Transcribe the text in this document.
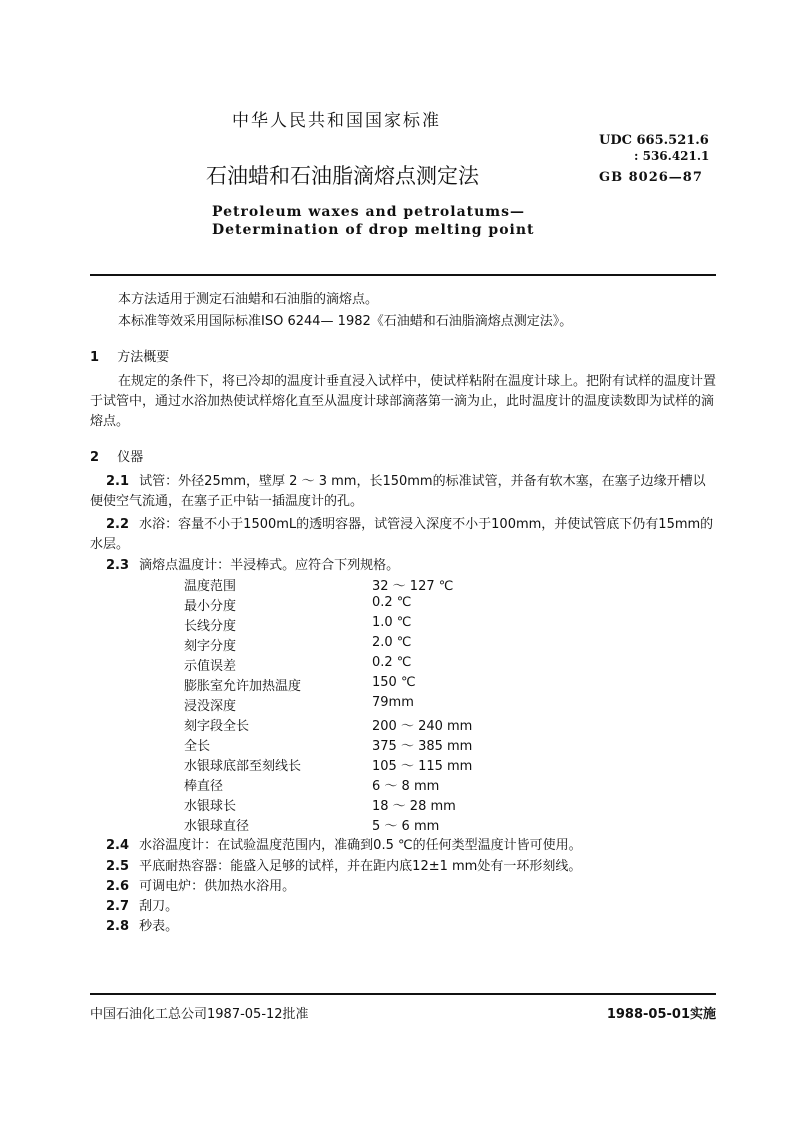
中华人民共和国国家标准
UDC 665.521.6
: 536.421.1
石油蜡和石油脂滴熔点测定法	GB 8026—87
Petroleum waxes and petrolatums—
Determination of drop melting point
本方法适用于测定石油蜡和石油脂的滴熔点。
本标准等效采用国际标准ISO 6244— 1982《石油蜡和石油脂滴熔点测定法》。
1 方法概要
在规定的条件下，将已冷却的温度计垂直浸入试样中，使试样粘附在温度计球上。把附有试样的温度计置于试管中，通过水浴加热使试样熔化直至从温度计球部滴落第一滴为止，此时温度计的温度读数即为试样的滴熔点。
2 仪器
2.1 试管：外径25mm，壁厚 2 ～ 3 mm，长150mm的标准试管，并备有软木塞，在塞子边缘开槽以便使空气流通，在塞子正中钻一插温度计的孔。
2.2 水浴：容量不小于1500mL的透明容器，试管浸入深度不小于100mm，并使试管底下仍有15mm的水层。
2.3 滴熔点温度计：半浸棒式。应符合下列规格。
温度范围	32 ～ 127 ℃
最小分度	0.2 ℃
长线分度	1.0 ℃
刻字分度	2.0 ℃
示值误差	0.2 ℃
膨胀室允许加热温度	150 ℃
浸没深度	79mm
刻字段全长	200 ～ 240 mm
全长	375 ～ 385 mm
水银球底部至刻线长	105 ～ 115 mm
棒直径	6 ～ 8 mm
水银球长	18 ～ 28 mm
水银球直径	5 ～ 6 mm
2.4 水浴温度计：在试验温度范围内，准确到0.5 ℃的任何类型温度计皆可使用。
2.5 平底耐热容器：能盛入足够的试样，并在距内底12±1 mm处有一环形刻线。
2.6 可调电炉：供加热水浴用。
2.7 刮刀。
2.8 秒表。
中国石油化工总公司1987-05-12批准	1988-05-01实施
